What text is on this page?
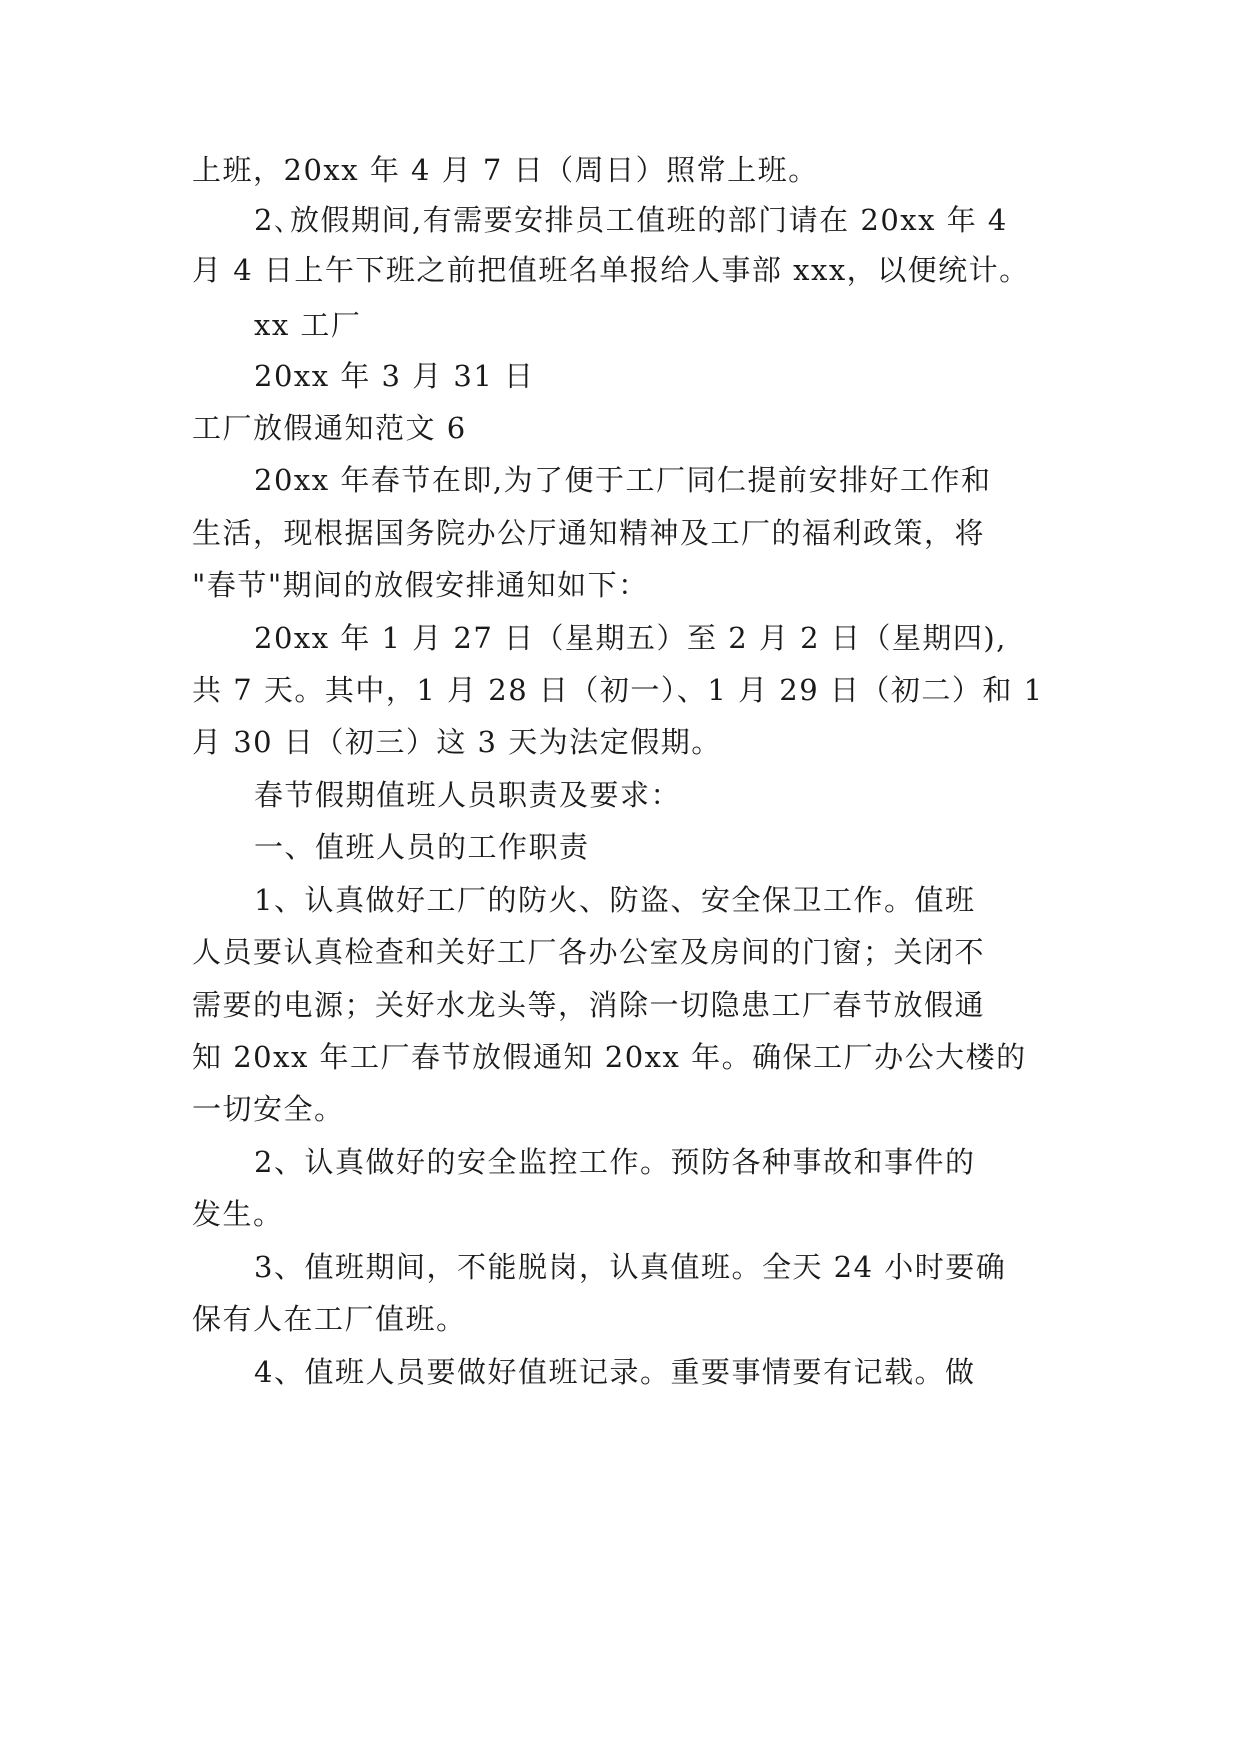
上班，20xx 年 4 月 7 日（周日）照常上班。
2､放假期间,有需要安排员工值班的部门请在 20xx 年 4
月 4 日上午下班之前把值班名单报给人事部 xxx，以便统计。
xx 工厂
20xx 年 3 月 31 日
工厂放假通知范文 6
20xx 年春节在即,为了便于工厂同仁提前安排好工作和
生活，现根据国务院办公厅通知精神及工厂的福利政策，将
"春节"期间的放假安排通知如下：
20xx 年 1 月 27 日（星期五）至 2 月 2 日（星期四),
共 7 天。其中，1 月 28 日（初一）、1 月 29 日（初二）和 1
月 30 日（初三）这 3 天为法定假期。
春节假期值班人员职责及要求：
一、值班人员的工作职责
1、认真做好工厂的防火、防盗、安全保卫工作。值班
人员要认真检查和关好工厂各办公室及房间的门窗；关闭不
需要的电源；关好水龙头等，消除一切隐患工厂春节放假通
知 20xx 年工厂春节放假通知 20xx 年。确保工厂办公大楼的
一切安全。
2、认真做好的安全监控工作。预防各种事故和事件的
发生。
3、值班期间，不能脱岗，认真值班。全天 24 小时要确
保有人在工厂值班。
4、值班人员要做好值班记录。重要事情要有记载。做
